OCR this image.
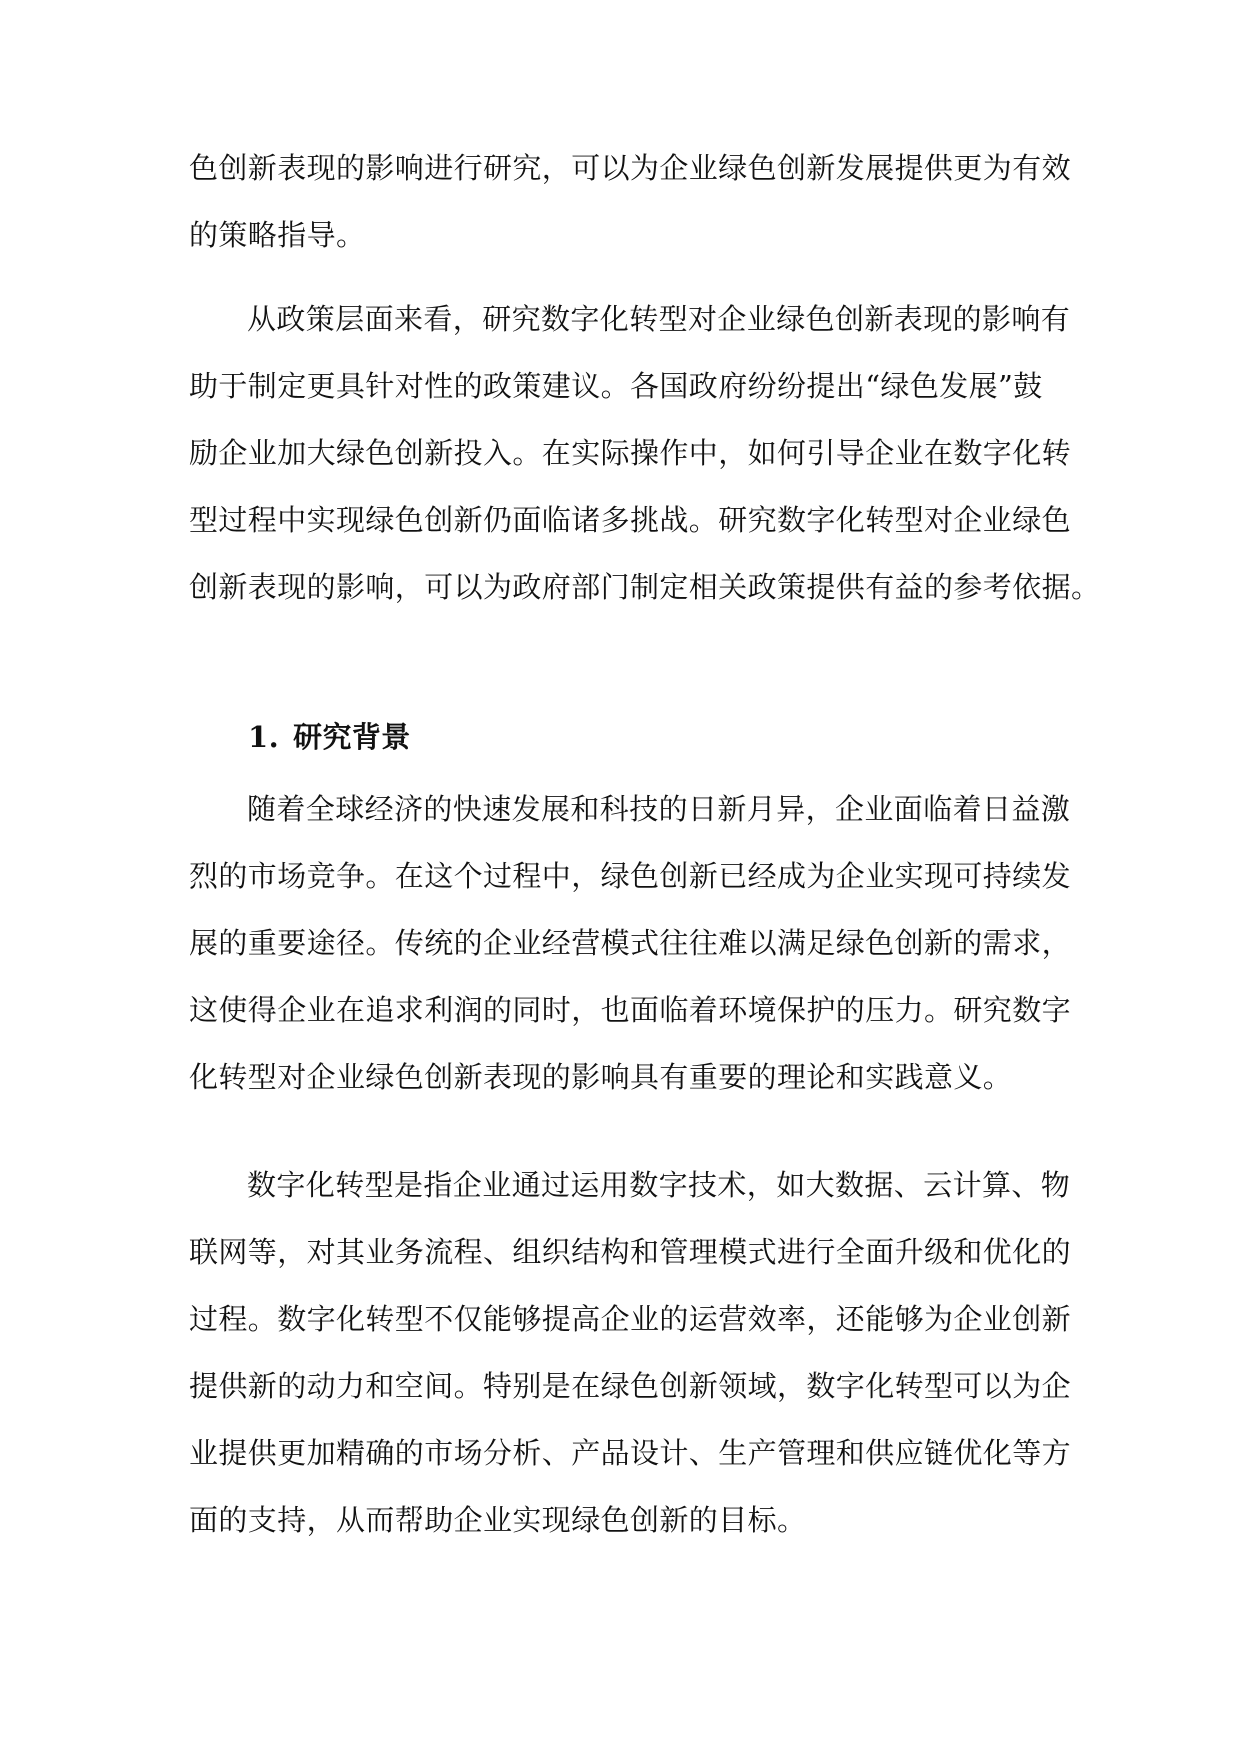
色创新表现的影响进行研究，可以为企业绿色创新发展提供更为有效
的策略指导。
从政策层面来看，研究数字化转型对企业绿色创新表现的影响有
助于制定更具针对性的政策建议。各国政府纷纷提出“绿色发展”鼓
励企业加大绿色创新投入。在实际操作中，如何引导企业在数字化转
型过程中实现绿色创新仍面临诸多挑战。研究数字化转型对企业绿色
创新表现的影响，可以为政府部门制定相关政策提供有益的参考依据。
1. 研究背景
随着全球经济的快速发展和科技的日新月异，企业面临着日益激
烈的市场竞争。在这个过程中，绿色创新已经成为企业实现可持续发
展的重要途径。传统的企业经营模式往往难以满足绿色创新的需求，
这使得企业在追求利润的同时，也面临着环境保护的压力。研究数字
化转型对企业绿色创新表现的影响具有重要的理论和实践意义。
数字化转型是指企业通过运用数字技术，如大数据、云计算、物
联网等，对其业务流程、组织结构和管理模式进行全面升级和优化的
过程。数字化转型不仅能够提高企业的运营效率，还能够为企业创新
提供新的动力和空间。特别是在绿色创新领域，数字化转型可以为企
业提供更加精确的市场分析、产品设计、生产管理和供应链优化等方
面的支持，从而帮助企业实现绿色创新的目标。
